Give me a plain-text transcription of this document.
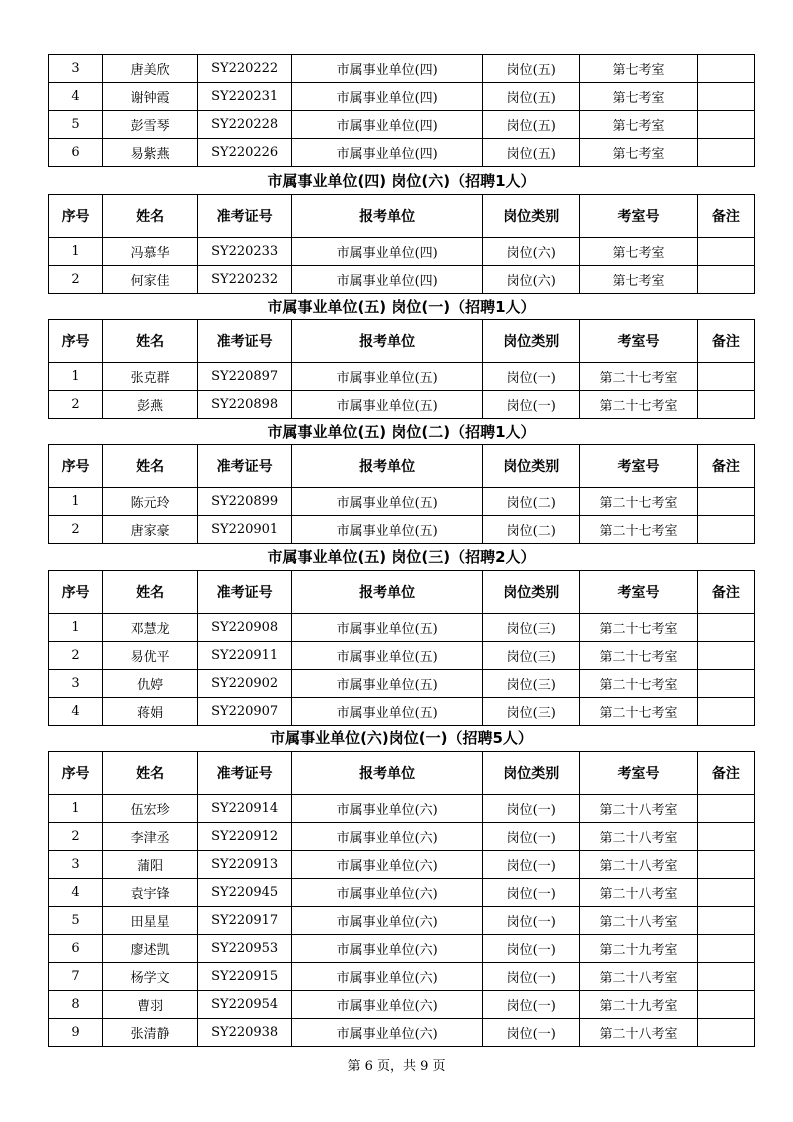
3	唐美欣	SY220222	市属事业单位(四)	岗位(五)	第七考室	
4	谢钟霞	SY220231	市属事业单位(四)	岗位(五)	第七考室	
5	彭雪琴	SY220228	市属事业单位(四)	岗位(五)	第七考室	
6	易紫燕	SY220226	市属事业单位(四)	岗位(五)	第七考室	
市属事业单位(四) 岗位(六)（招聘1人）
序号	姓名	准考证号	报考单位	岗位类别	考室号	备注
1	冯慕华	SY220233	市属事业单位(四)	岗位(六)	第七考室	
2	何家佳	SY220232	市属事业单位(四)	岗位(六)	第七考室	
市属事业单位(五) 岗位(一)（招聘1人）
序号	姓名	准考证号	报考单位	岗位类别	考室号	备注
1	张克群	SY220897	市属事业单位(五)	岗位(一)	第二十七考室	
2	彭燕	SY220898	市属事业单位(五)	岗位(一)	第二十七考室	
市属事业单位(五) 岗位(二)（招聘1人）
序号	姓名	准考证号	报考单位	岗位类别	考室号	备注
1	陈元玲	SY220899	市属事业单位(五)	岗位(二)	第二十七考室	
2	唐家豪	SY220901	市属事业单位(五)	岗位(二)	第二十七考室	
市属事业单位(五) 岗位(三)（招聘2人）
序号	姓名	准考证号	报考单位	岗位类别	考室号	备注
1	邓慧龙	SY220908	市属事业单位(五)	岗位(三)	第二十七考室	
2	易优平	SY220911	市属事业单位(五)	岗位(三)	第二十七考室	
3	仇婷	SY220902	市属事业单位(五)	岗位(三)	第二十七考室	
4	蒋娟	SY220907	市属事业单位(五)	岗位(三)	第二十七考室	
市属事业单位(六)岗位(一)（招聘5人）
序号	姓名	准考证号	报考单位	岗位类别	考室号	备注
1	伍宏珍	SY220914	市属事业单位(六)	岗位(一)	第二十八考室	
2	李津丞	SY220912	市属事业单位(六)	岗位(一)	第二十八考室	
3	蒲阳	SY220913	市属事业单位(六)	岗位(一)	第二十八考室	
4	袁宇锋	SY220945	市属事业单位(六)	岗位(一)	第二十八考室	
5	田星星	SY220917	市属事业单位(六)	岗位(一)	第二十八考室	
6	廖述凯	SY220953	市属事业单位(六)	岗位(一)	第二十九考室	
7	杨学文	SY220915	市属事业单位(六)	岗位(一)	第二十八考室	
8	曹羽	SY220954	市属事业单位(六)	岗位(一)	第二十九考室	
9	张清静	SY220938	市属事业单位(六)	岗位(一)	第二十八考室	
第 6 页，共 9 页
